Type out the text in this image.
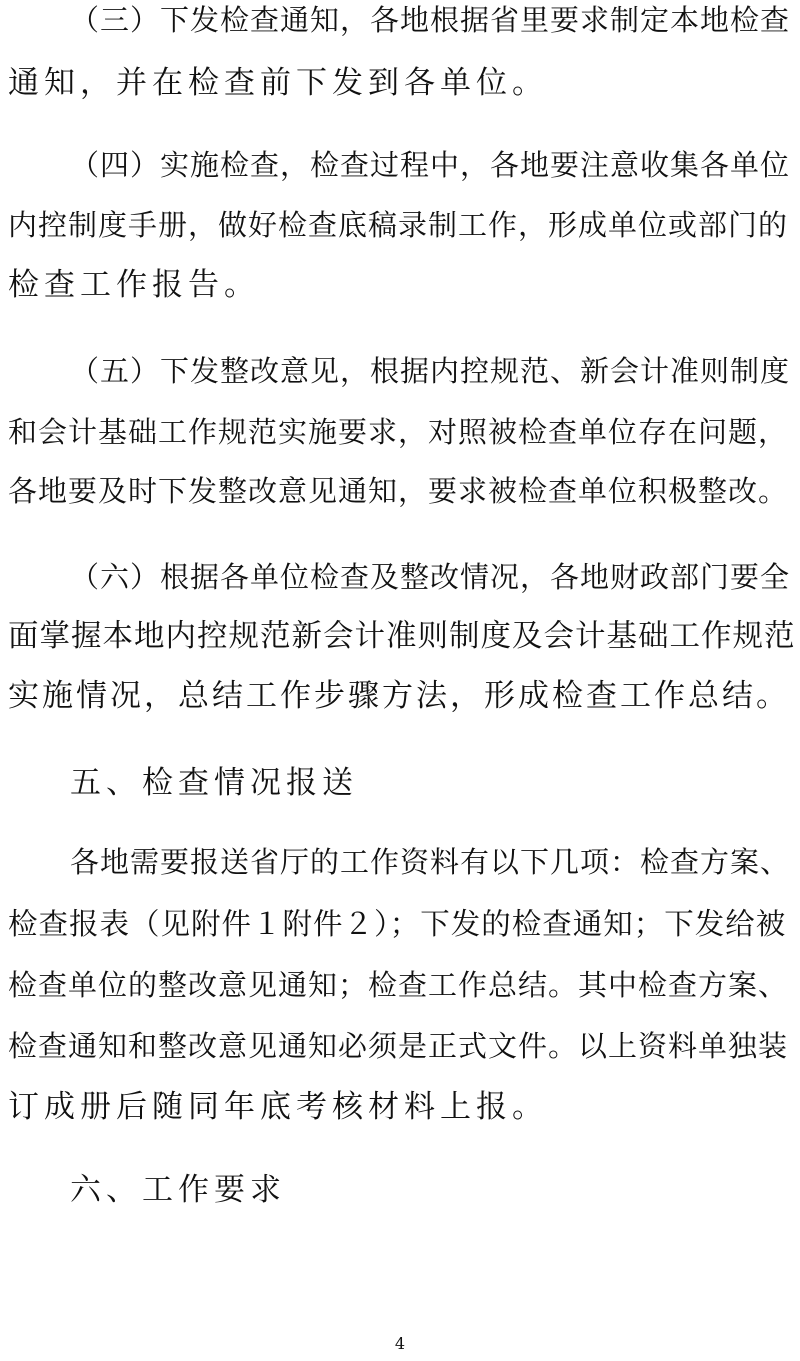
（三）下发检查通知，各地根据省里要求制定本地检查
通知，并在检查前下发到各单位。
（四）实施检查，检查过程中，各地要注意收集各单位
内控制度手册，做好检查底稿录制工作，形成单位或部门的
检查工作报告。
（五）下发整改意见，根据内控规范、新会计准则制度
和会计基础工作规范实施要求，对照被检查单位存在问题，
各地要及时下发整改意见通知，要求被检查单位积极整改。
（六）根据各单位检查及整改情况，各地财政部门要全
面掌握本地内控规范新会计准则制度及会计基础工作规范
实施情况，总结工作步骤方法，形成检查工作总结。
五、检查情况报送
各地需要报送省厅的工作资料有以下几项：检查方案、
检查报表（见附件１附件２）；下发的检查通知；下发给被
检查单位的整改意见通知；检查工作总结。其中检查方案、
检查通知和整改意见通知必须是正式文件。以上资料单独装
订成册后随同年底考核材料上报。
六、工作要求
4
